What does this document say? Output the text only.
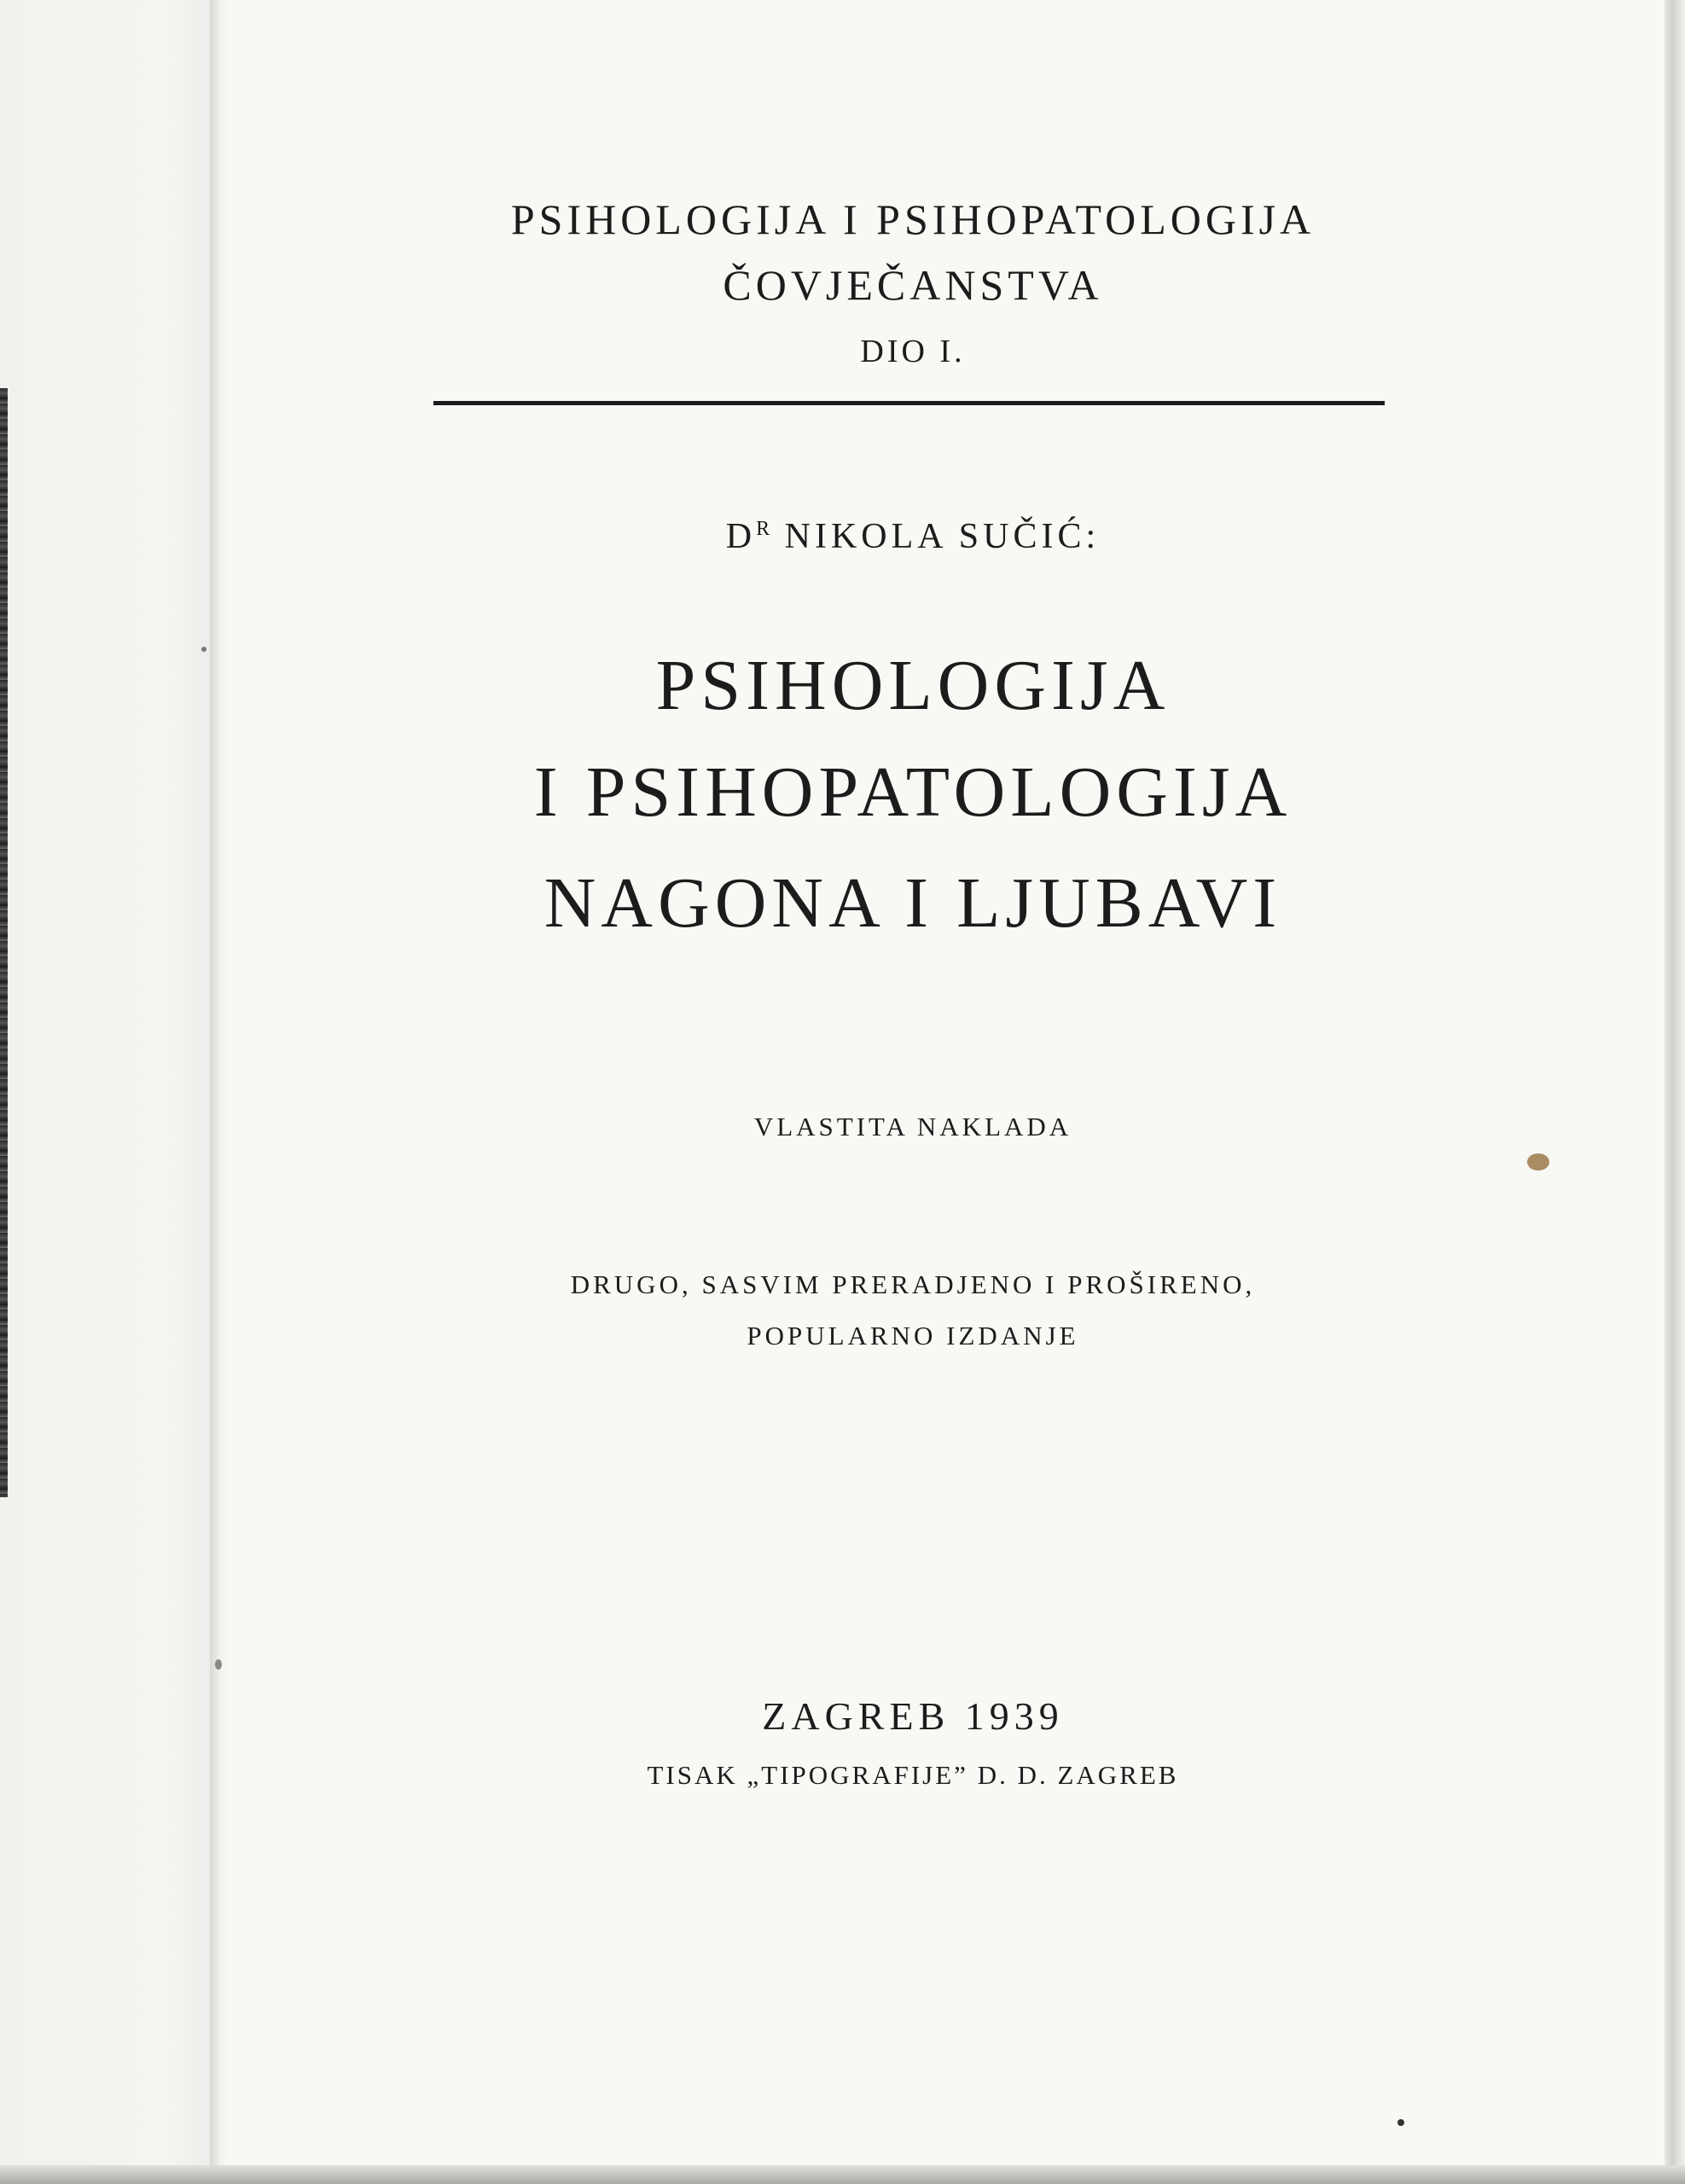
PSIHOLOGIJA I PSIHOPATOLOGIJA
ČOVJEČANSTVA
DIO I.
$D^R$ NIKOLA SUČIĆ:
PSIHOLOGIJA
I PSIHOPATOLOGIJA
NAGONA I LJUBAVI
VLASTITA NAKLADA
DRUGO, SASVIM PRERADJENO I PROŠIRENO,
POPULARNO IZDANJE
ZAGREB 1939
TISAK „TIPOGRAFIJE” D. D. ZAGREB
